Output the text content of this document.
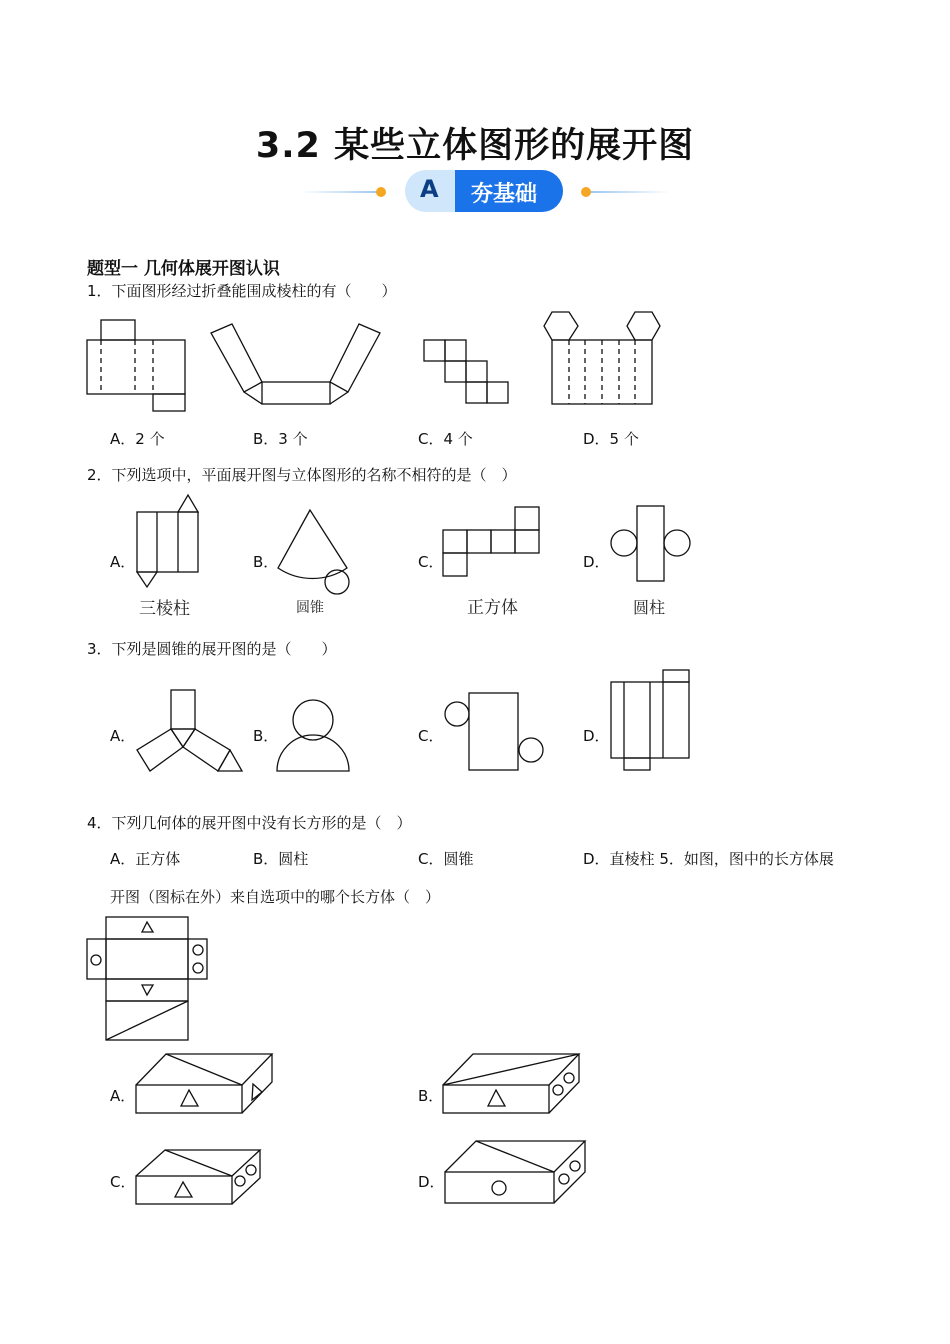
3.2 某些立体图形的展开图
A 夯基础
题型一 几何体展开图认识
1．下面图形经过折叠能围成棱柱的有（　　）
A．2 个	B．3 个	C．4 个	D．5 个
2．下列选项中，平面展开图与立体图形的名称不相符的是（　）
A．	B．	C．	D．
三棱柱	圆锥	正方体	圆柱
3．下列是圆锥的展开图的是（　　）
A．	B．	C．	D．
4．下列几何体的展开图中没有长方形的是（　）
A．正方体	B．圆柱	C．圆锥	D．直棱柱 5．如图，图中的长方体展
开图（图标在外）来自选项中的哪个长方体（　）
A．	B．
C．	D．
